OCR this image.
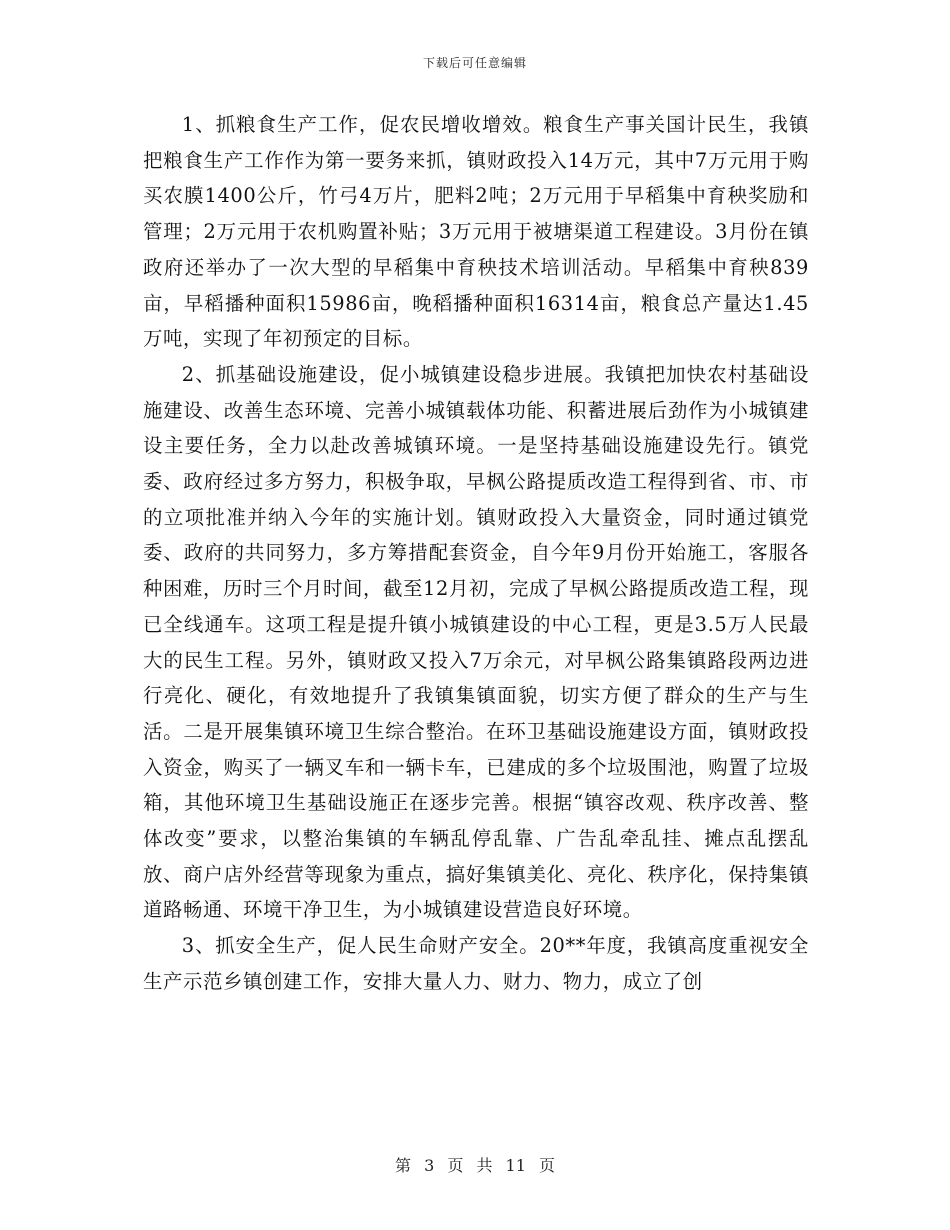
下载后可任意编辑

1、抓粮食生产工作，促农民增收增效。粮食生产事关国计民生，我镇把粮食生产工作作为第一要务来抓，镇财政投入14万元，其中7万元用于购买农膜1400公斤，竹弓4万片，肥料2吨；2万元用于早稻集中育秧奖励和管理；2万元用于农机购置补贴；3万元用于被塘渠道工程建设。3月份在镇政府还举办了一次大型的早稻集中育秧技术培训活动。早稻集中育秧839亩，早稻播种面积15986亩，晚稻播种面积16314亩，粮食总产量达1.45万吨，实现了年初预定的目标。

2、抓基础设施建设，促小城镇建设稳步进展。我镇把加快农村基础设施建设、改善生态环境、完善小城镇载体功能、积蓄进展后劲作为小城镇建设主要任务，全力以赴改善城镇环境。一是坚持基础设施建设先行。镇党委、政府经过多方努力，积极争取，早枫公路提质改造工程得到省、市、市的立项批准并纳入今年的实施计划。镇财政投入大量资金，同时通过镇党委、政府的共同努力，多方筹措配套资金，自今年9月份开始施工，客服各种困难，历时三个月时间，截至12月初，完成了早枫公路提质改造工程，现已全线通车。这项工程是提升镇小城镇建设的中心工程，更是3.5万人民最大的民生工程。另外，镇财政又投入7万余元，对早枫公路集镇路段两边进行亮化、硬化，有效地提升了我镇集镇面貌，切实方便了群众的生产与生活。二是开展集镇环境卫生综合整治。在环卫基础设施建设方面，镇财政投入资金，购买了一辆叉车和一辆卡车，已建成的多个垃圾围池，购置了垃圾箱，其他环境卫生基础设施正在逐步完善。根据“镇容改观、秩序改善、整体改变”要求，以整治集镇的车辆乱停乱靠、广告乱牵乱挂、摊点乱摆乱放、商户店外经营等现象为重点，搞好集镇美化、亮化、秩序化，保持集镇道路畅通、环境干净卫生，为小城镇建设营造良好环境。

3、抓安全生产，促人民生命财产安全。20**年度，我镇高度重视安全生产示范乡镇创建工作，安排大量人力、财力、物力，成立了创

第 3 页 共 11 页
